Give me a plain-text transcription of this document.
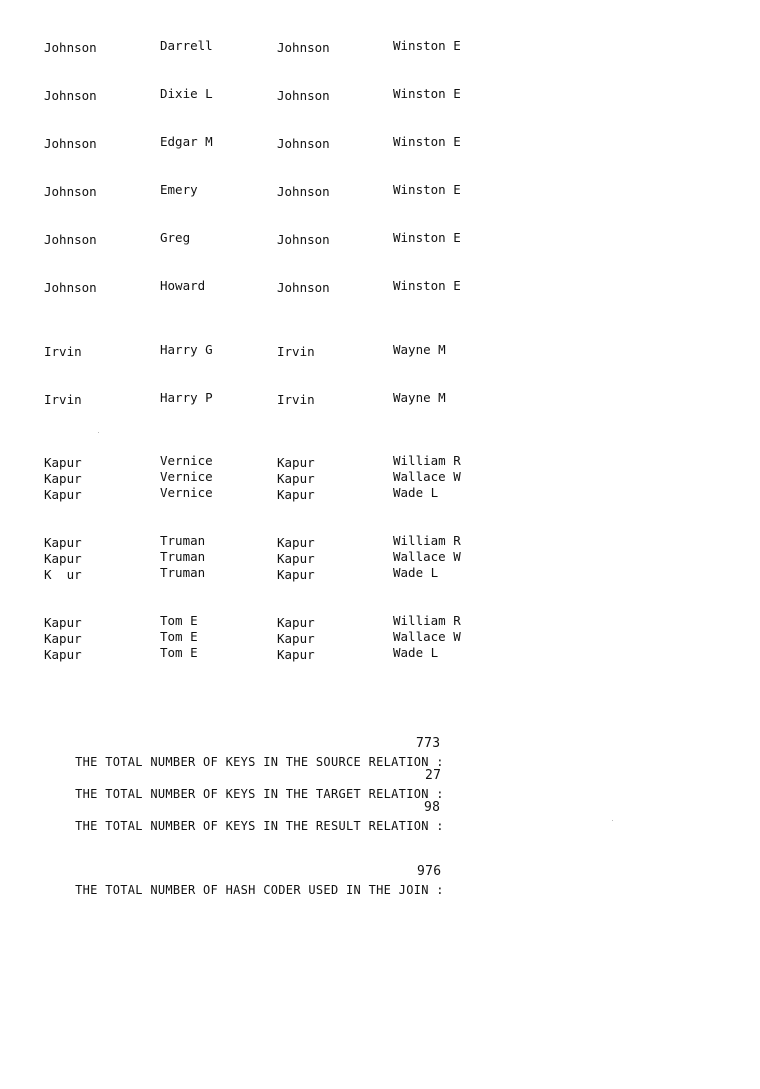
Johnson	Darrell	Johnson	Winston E
Johnson	Dixie L	Johnson	Winston E
Johnson	Edgar M	Johnson	Winston E
Johnson	Emery	Johnson	Winston E
Johnson	Greg	Johnson	Winston E
Johnson	Howard	Johnson	Winston E
Irvin	Harry G	Irvin	Wayne M
Irvin	Harry P	Irvin	Wayne M
Kapur	Vernice	Kapur	William R
Kapur	Vernice	Kapur	Wallace W
Kapur	Vernice	Kapur	Wade L
Kapur	Truman	Kapur	William R
Kapur	Truman	Kapur	Wallace W
K  ur	Truman	Kapur	Wade L
Kapur	Tom E	Kapur	William R
Kapur	Tom E	Kapur	Wallace W
Kapur	Tom E	Kapur	Wade L

THE TOTAL NUMBER OF KEYS IN THE SOURCE RELATION :

773

THE TOTAL NUMBER OF KEYS IN THE TARGET RELATION :

27

THE TOTAL NUMBER OF KEYS IN THE RESULT RELATION :

98

THE TOTAL NUMBER OF HASH CODER USED IN THE JOIN :

976
